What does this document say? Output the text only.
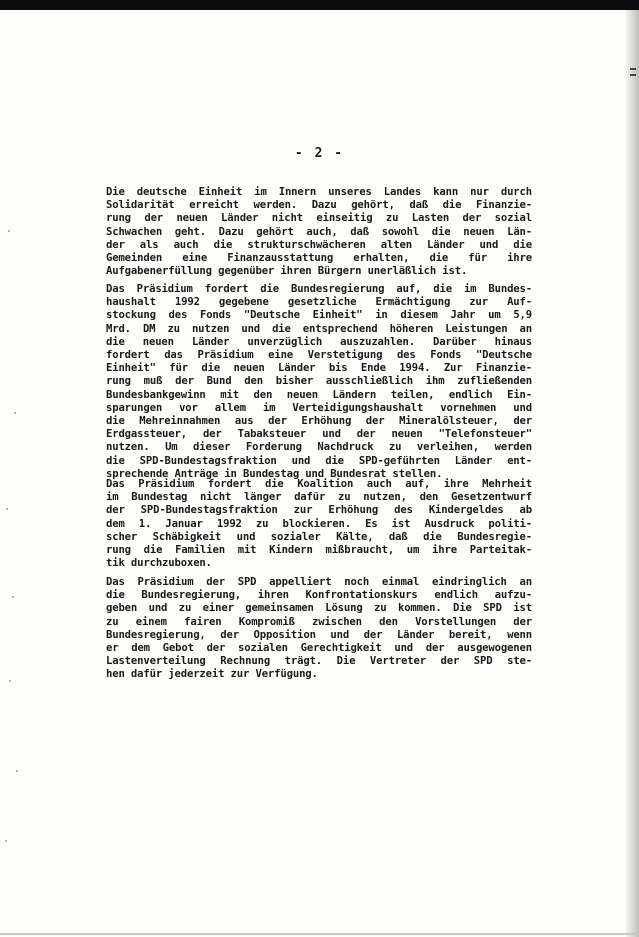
- 2 -
Die deutsche Einheit im Innern unseres Landes kann nur durch
Solidarität erreicht werden. Dazu gehört, daß die Finanzie-
rung der neuen Länder nicht einseitig zu Lasten der sozial
Schwachen geht. Dazu gehört auch, daß sowohl die neuen Län-
der als auch die strukturschwächeren alten Länder und die
Gemeinden eine Finanzausstattung erhalten, die für ihre
Aufgabenerfüllung gegenüber ihren Bürgern unerläßlich ist.
Das Präsidium fordert die Bundesregierung auf, die im Bundes-
haushalt 1992 gegebene gesetzliche Ermächtigung zur Auf-
stockung des Fonds "Deutsche Einheit" in diesem Jahr um 5,9
Mrd. DM zu nutzen und die entsprechend höheren Leistungen an
die neuen Länder unverzüglich auszuzahlen. Darüber hinaus
fordert das Präsidium eine Verstetigung des Fonds "Deutsche
Einheit" für die neuen Länder bis Ende 1994. Zur Finanzie-
rung muß der Bund den bisher ausschließlich ihm zufließenden
Bundesbankgewinn mit den neuen Ländern teilen, endlich Ein-
sparungen vor allem im Verteidigungshaushalt vornehmen und
die Mehreinnahmen aus der Erhöhung der Mineralölsteuer, der
Erdgassteuer, der Tabaksteuer und der neuen "Telefonsteuer"
nutzen. Um dieser Forderung Nachdruck zu verleihen, werden
die SPD-Bundestagsfraktion und die SPD-geführten Länder ent-
sprechende Anträge in Bundestag und Bundesrat stellen.
Das Präsidium fordert die Koalition auch auf, ihre Mehrheit
im Bundestag nicht länger dafür zu nutzen, den Gesetzentwurf
der SPD-Bundestagsfraktion zur Erhöhung des Kindergeldes ab
dem 1. Januar 1992 zu blockieren. Es ist Ausdruck politi-
scher Schäbigkeit und sozialer Kälte, daß die Bundesregie-
rung die Familien mit Kindern mißbraucht, um ihre Parteitak-
tik durchzuboxen.
Das Präsidium der SPD appelliert noch einmal eindringlich an
die Bundesregierung, ihren Konfrontationskurs endlich aufzu-
geben und zu einer gemeinsamen Lösung zu kommen. Die SPD ist
zu einem fairen Kompromiß zwischen den Vorstellungen der
Bundesregierung, der Opposition und der Länder bereit, wenn
er dem Gebot der sozialen Gerechtigkeit und der ausgewogenen
Lastenverteilung Rechnung trägt. Die Vertreter der SPD ste-
hen dafür jederzeit zur Verfügung.
